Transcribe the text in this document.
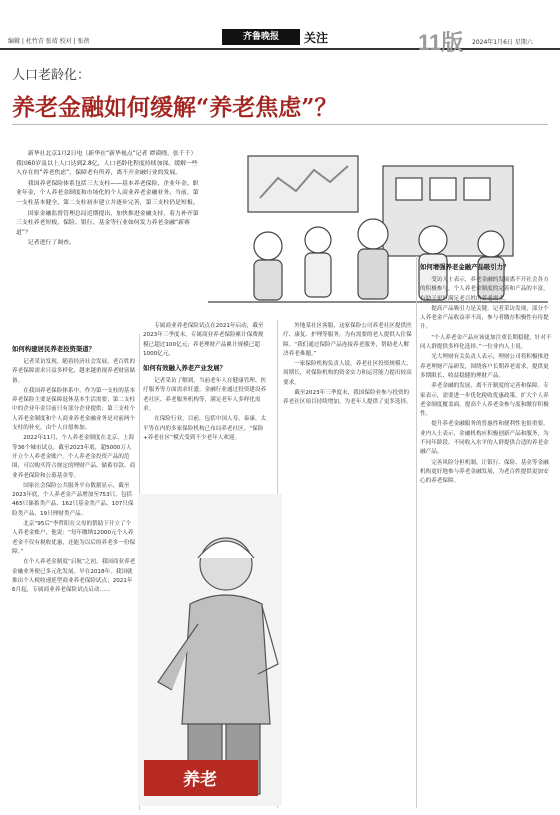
编辑 | 杜竹青 张靖 校对 | 张蓓	齐鲁晚报	关注	11版 2024年1月6日 星期六
人口老龄化：
养老金融如何缓解“养老焦虑”？

新华社北京1月2日电（新华社“新华视点”记者 谭谟晓、张千千）我国60岁及以上人口达到2.8亿，人口老龄化程度持续加深。缓解一些人存在的“养老焦虑”，保障老有所养，离不开金融行业的发展。

我国养老保险体系包括三大支柱——基本养老保险、企业年金、职业年金，个人养老金制度和市场化的个人商业养老金融业务。当前，第一支柱基本健全，第二支柱初步建立并逐步完善，第三支柱仍是短板。

国家金融监督管理总局近期提出，加快推进金融支持，着力补齐第三支柱养老短板，保险、银行、基金等行业如何发力养老金融“新赛道”？

记者进行了调查。

如何构建居民养老投资渠道？

记者采访发现，随着经济社会发展，老百姓的养老保障需求日益多样化，越来越重视养老财富储备。

在我国养老保险体系中，作为第一支柱的基本养老保险主要是保障退休基本生活需要；第二支柱中的企业年金目前只有部分企业提供；第三支柱个人养老金制度和个人商业养老金融业务是对前两个支柱的补充，由个人自愿参加。

2022年11月，个人养老金制度在北京、上海等36个城市试点。截至2023年底，超5000万人开立个人养老金账户。个人养老金投资产品的范围，可以购买符合规定的理财产品、储蓄存款、商业养老保险和公募基金等。

国家社会保险公共服务平台数据显示，截至2023年底，个人养老金产品增加至753只，包括465只储蓄类产品、162只基金类产品、107只保险类产品、19只理财类产品。

北京“95后”李哲阳在父母的帮助下开立了个人养老金账户，他说：“每年缴纳12000元个人养老金不仅有税收优惠，还能为以后的养老多一份保障。”

在个人养老金制度“启航”之初，我国商业养老金融业务便已多元化发展。早在2018年，我国就推出个人税收递延型商业养老保险试点；2021年6月起，专属商业养老保险试点启动……

专属商业养老保险试点在2021年启动，截至2023年三季度末，专属商业养老保险累计保费规模已超过100亿元；养老理财产品累计规模已超1000亿元。

如何有效融入养老产业发展？

记者采访了解到，当前老年人在健康管理、医疗服务等方面需求旺盛。金融行业通过投资建设养老社区、养老服务机构等，满足老年人多样化需求。

在保险行业，目前，包括中国人寿、泰康、太平等在内的多家保险机构已布局养老社区。“保险+养老社区”模式受到不少老年人欢迎。

养老

外地某社区客服，这家保险公司养老社区提供医疗、康复、护理等服务，为有需要的老人提供入住保障。“我们通过保险产品连接养老服务，帮助老人解决养老难题。”

一家保险机构负责人说，养老社区投资规模大、周期长，对保险机构的资金实力和运营能力提出较高要求。

截至2023年三季度末，我国保险业参与投资的养老社区项目持续增加，为老年人提供了更多选择。

如何增强养老金融产品吸引力？

受访人士表示，养老金融的发展离不开社会各方的积极参与，个人养老金制度的完善和产品的丰富，有助于更好满足老百姓的养老需求。

提高产品吸引力是关键。记者采访发现，部分个人养老金产品收益率不高，参与者缴存积极性有待提升。

“个人养老金产品应该更加注重长期稳健，针对不同人群提供多样化选择。”一位业内人士说。

光大理财有关负责人表示，理财公司将积极推进养老理财产品研发，围绕客户长期养老需求，提供更多期限长、收益稳健的理财产品。

养老金融的发展，离不开制度的完善和保障。专家表示，需要进一步优化税收优惠政策，扩大个人养老金制度覆盖面，提高个人养老金参与度和缴存积极性。

提升养老金融服务的普惠性和便利性也很重要。业内人士表示，金融机构应积极创新产品和服务，为不同年龄段、不同收入水平的人群提供合适的养老金融产品。

完善风险分担机制，让银行、保险、基金等金融机构更好地参与养老金融发展，为老百姓提供更加安心的养老保障。
